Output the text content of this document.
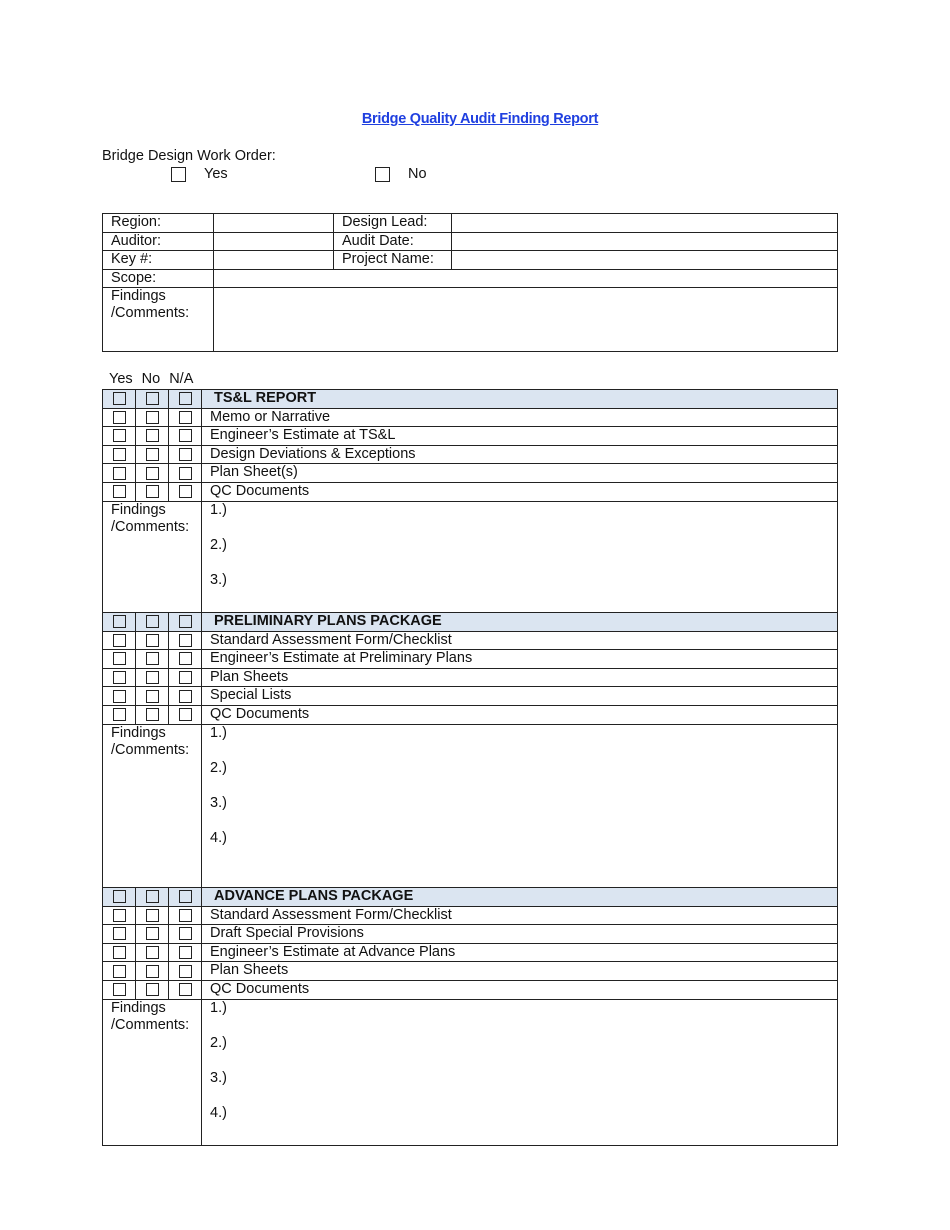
Bridge Quality Audit Finding Report
Bridge Design Work Order:
Yes	No
Region:		Design Lead:	
Auditor:		Audit Date:	
Key #:		Project Name:	
Scope:			
Findings /Comments:			
Yes No N/A

	TS&L REPORT

	Memo or Narrative

	Engineer’s Estimate at TS&L

	Design Deviations & Exceptions

	Plan Sheet(s)

	QC Documents
Findings /Comments:			1.)
2.)
3.)

	PRELIMINARY PLANS PACKAGE

	Standard Assessment Form/Checklist

	Engineer’s Estimate at Preliminary Plans

	Plan Sheets

	Special Lists

	QC Documents
Findings /Comments:			1.)
2.)
3.)
4.)

	ADVANCE PLANS PACKAGE

	Standard Assessment Form/Checklist

	Draft Special Provisions

	Engineer’s Estimate at Advance Plans

	Plan Sheets

	QC Documents
Findings /Comments:			1.)
2.)
3.)
4.)
